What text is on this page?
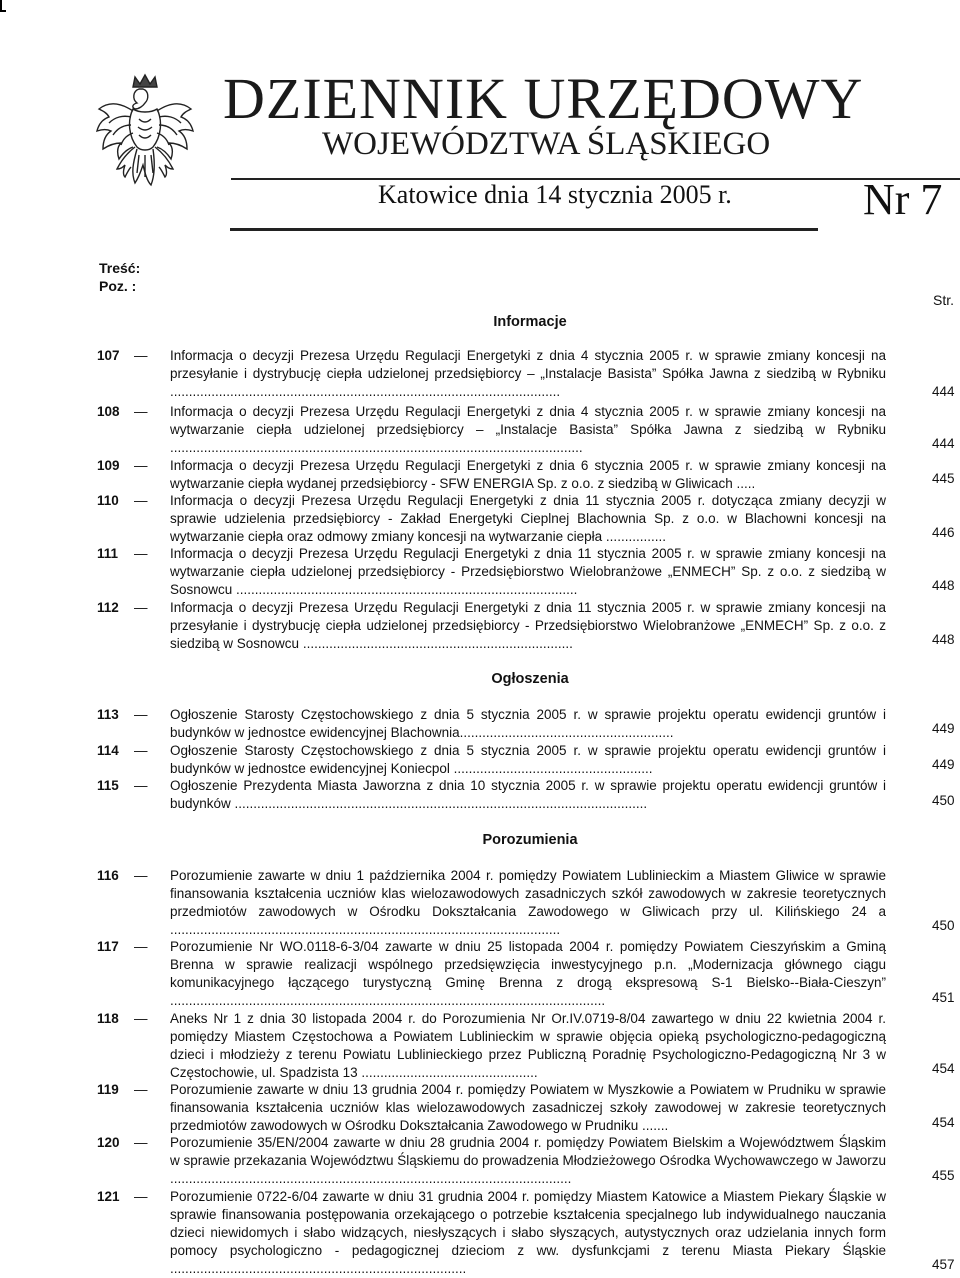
DZIENNIK URZĘDOWY
WOJEWÓDZTWA ŚLĄSKIEGO
Katowice dnia 14 stycznia 2005 r.	Nr 7
Treść:
Poz. :
Str.
Informacje
107 — Informacja o decyzji Prezesa Urzędu Regulacji Energetyki z dnia 4 stycznia 2005 r. w sprawie zmiany koncesji na przesyłanie i dystrybucję ciepła udzielonej przedsiębiorcy – „Instalacje Basista” Spółka Jawna z siedzibą w Rybniku ........................................................................................................	444
108 — Informacja o decyzji Prezesa Urzędu Regulacji Energetyki z dnia 4 stycznia 2005 r. w sprawie zmiany koncesji na wytwarzanie ciepła udzielonej przedsiębiorcy – „Instalacje Basista” Spółka Jawna z siedzibą w Rybniku ..............................................................................................................	444
109 — Informacja o decyzji Prezesa Urzędu Regulacji Energetyki z dnia 6 stycznia 2005 r. w sprawie zmiany koncesji na wytwarzanie ciepła wydanej przedsiębiorcy - SFW ENERGIA Sp. z o.o. z siedzibą w Gliwicach .....	445
110 — Informacja o decyzji Prezesa Urzędu Regulacji Energetyki z dnia 11 stycznia 2005 r. dotycząca zmiany decyzji w sprawie udzielenia przedsiębiorcy - Zakład Energetyki Cieplnej Blachownia Sp. z o.o. w Blachowni koncesji na wytwarzanie ciepła oraz odmowy zmiany koncesji na wytwarzanie ciepła ................	446
111 — Informacja o decyzji Prezesa Urzędu Regulacji Energetyki z dnia 11 stycznia 2005 r. w sprawie zmiany koncesji na wytwarzanie ciepła udzielonej przedsiębiorcy - Przedsiębiorstwo Wielobranżowe „ENMECH” Sp. z o.o. z siedzibą w Sosnowcu ...........................................................................................	448
112 — Informacja o decyzji Prezesa Urzędu Regulacji Energetyki z dnia 11 stycznia 2005 r. w sprawie zmiany koncesji na przesyłanie i dystrybucję ciepła udzielonej przedsiębiorcy - Przedsiębiorstwo Wielobranżowe „ENMECH” Sp. z o.o. z siedzibą w Sosnowcu ........................................................................	448
Ogłoszenia
113 — Ogłoszenie Starosty Częstochowskiego z dnia 5 stycznia 2005 r. w sprawie projektu operatu ewidencji gruntów i budynków w jednostce ewidencyjnej Blachownia.........................................................	449
114 — Ogłoszenie Starosty Częstochowskiego z dnia 5 stycznia 2005 r. w sprawie projektu operatu ewidencji gruntów i budynków w jednostce ewidencyjnej Koniecpol .....................................................	449
115 — Ogłoszenie Prezydenta Miasta Jaworzna z dnia 10 stycznia 2005 r. w sprawie projektu operatu ewidencji gruntów i budynków ..............................................................................................................	450
Porozumienia
116 — Porozumienie zawarte w dniu 1 października 2004 r. pomiędzy Powiatem Lublinieckim a Miastem Gliwice w sprawie finansowania kształcenia uczniów klas wielozawodowych zasadniczych szkół zawodowych w zakresie teoretycznych przedmiotów zawodowych w Ośrodku Dokształcania Zawodowego w Gliwicach przy ul. Kilińskiego 24 a ........................................................................................................	450
117 — Porozumienie Nr WO.0118-6-3/04 zawarte w dniu 25 listopada 2004 r. pomiędzy Powiatem Cieszyńskim a Gminą Brenna w sprawie realizacji wspólnego przedsięwzięcia inwestycyjnego p.n. „Modernizacja głównego ciągu komunikacyjnego łączącego turystyczną Gminę Brenna z drogą ekspresową S-1 Bielsko--Biała-Cieszyn” ....................................................................................................................	451
118 — Aneks Nr 1 z dnia 30 listopada 2004 r. do Porozumienia Nr Or.IV.0719-8/04 zawartego w dniu 22 kwietnia 2004 r. pomiędzy Miastem Częstochowa a Powiatem Lublinieckim w sprawie objęcia opieką psychologiczno-pedagogiczną dzieci i młodzieży z terenu Powiatu Lublinieckiego przez Publiczną Poradnię Psychologiczno-Pedagogiczną Nr 3 w Częstochowie, ul. Spadzista 13 ...............................................	454
119 — Porozumienie zawarte w dniu 13 grudnia 2004 r. pomiędzy Powiatem w Myszkowie a Powiatem w Prudniku w sprawie finansowania kształcenia uczniów klas wielozawodowych zasadniczej szkoły zawodowej w zakresie teoretycznych przedmiotów zawodowych w Ośrodku Dokształcania Zawodowego w Prudniku .......	454
120 — Porozumienie 35/EN/2004 zawarte w dniu 28 grudnia 2004 r. pomiędzy Powiatem Bielskim a Województwem Śląskim w sprawie przekazania Województwu Śląskiemu do prowadzenia Młodzieżowego Ośrodka Wychowawczego w Jaworzu ...........................................................................................................	455
121 — Porozumienie 0722-6/04 zawarte w dniu 31 grudnia 2004 r. pomiędzy Miastem Katowice a Miastem Piekary Śląskie w sprawie finansowania postępowania orzekającego o potrzebie kształcenia specjalnego lub indywidualnego nauczania dzieci niewidomych i słabo widzących, niesłyszących i słabo słyszących, autystycznych oraz udzielania innych form pomocy psychologiczno - pedagogicznej dzieciom z ww. dysfunkcjami z terenu Miasta Piekary Śląskie ...............................................................................	457
